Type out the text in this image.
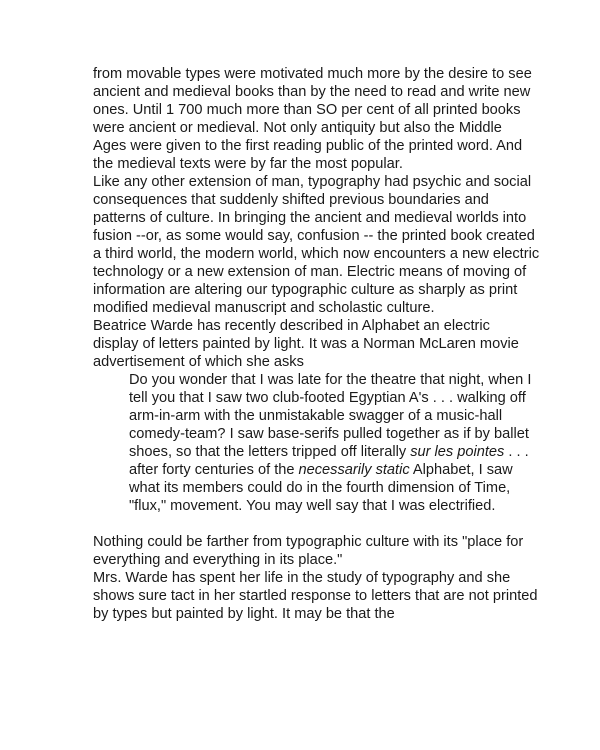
from movable types were motivated much more by the desire to see
ancient and medieval books than by the need to read and write new
ones. Until 1 700 much more than SO per cent of all printed books
were ancient or medieval. Not only antiquity but also the Middle
Ages were given to the first reading public of the printed word. And
the medieval texts were by far the most popular.
Like any other extension of man, typography had psychic and social
consequences that suddenly shifted previous boundaries and
patterns of culture. In bringing the ancient and medieval worlds into
fusion --or, as some would say, confusion -- the printed book created
a third world, the modern world, which now encounters a new electric
technology or a new extension of man. Electric means of moving of
information are altering our typographic culture as sharply as print
modified medieval manuscript and scholastic culture.
Beatrice Warde has recently described in Alphabet an electric
display of letters painted by light. It was a Norman McLaren movie
advertisement of which she asks
Do you wonder that I was late for the theatre that night, when I
tell you that I saw two club-footed Egyptian A's . . . walking off
arm-in-arm with the unmistakable swagger of a music-hall
comedy-team? I saw base-serifs pulled together as if by ballet
shoes, so that the letters tripped off literally sur les pointes . . .
after forty centuries of the necessarily static Alphabet, I saw
what its members could do in the fourth dimension of Time,
"flux," movement. You may well say that I was electrified.
Nothing could be farther from typographic culture with its "place for
everything and everything in its place."
Mrs. Warde has spent her life in the study of typography and she
shows sure tact in her startled response to letters that are not printed
by types but painted by light. It may be that the
